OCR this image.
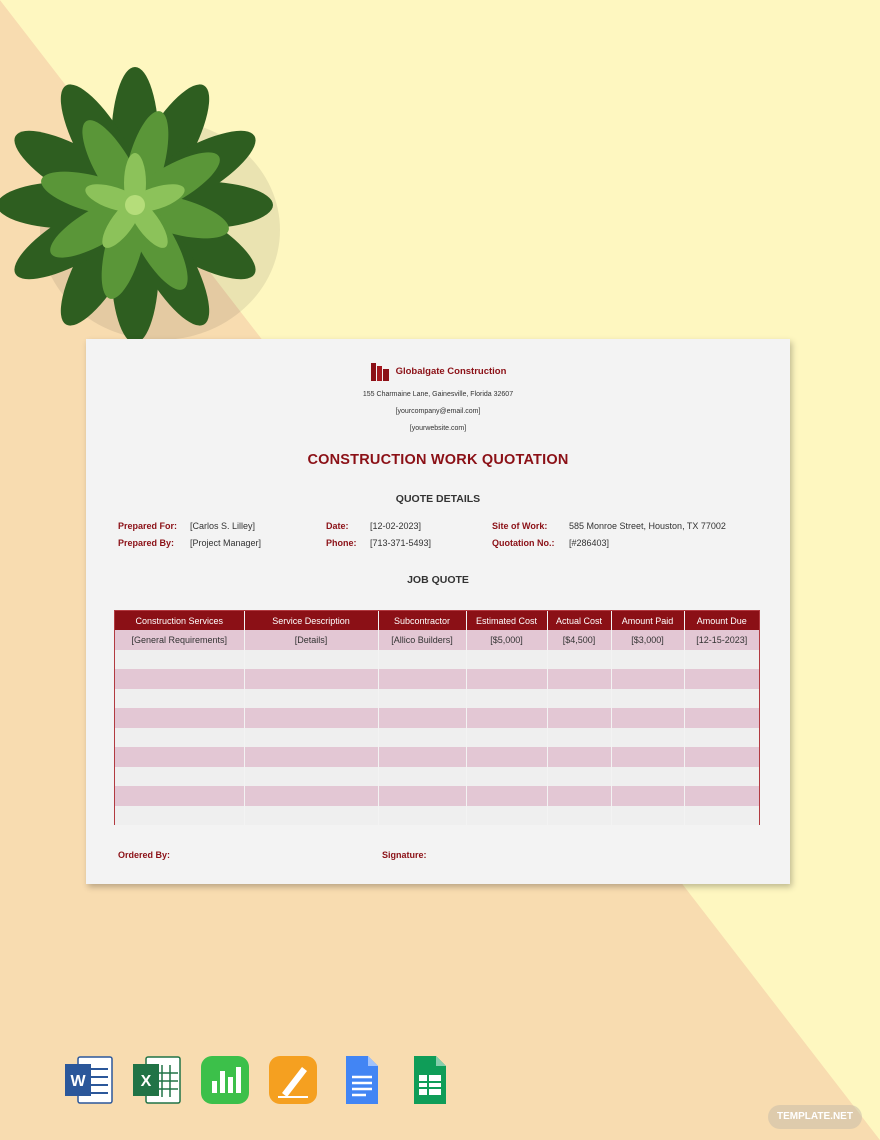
Globalgate Construction
155 Charmaine Lane, Gainesville, Florida 32607
[yourcompany@email.com]
[yourwebsite.com]
CONSTRUCTION WORK QUOTATION
QUOTE DETAILS
Prepared For: [Carlos S. Lilley]
Prepared By: [Project Manager]
Date: [12-02-2023]
Phone: [713-371-5493]
Site of Work: 585 Monroe Street, Houston, TX 77002
Quotation No.: [#286403]
JOB QUOTE
Construction Services	Service Description	Subcontractor	Estimated Cost	Actual Cost	Amount Paid	Amount Due
[General Requirements]	[Details]	[Allico Builders]	[$5,000]	[$4,500]	[$3,000]	[12-15-2023]

Ordered By:	Signature:
W	X
TEMPLATE.NET
